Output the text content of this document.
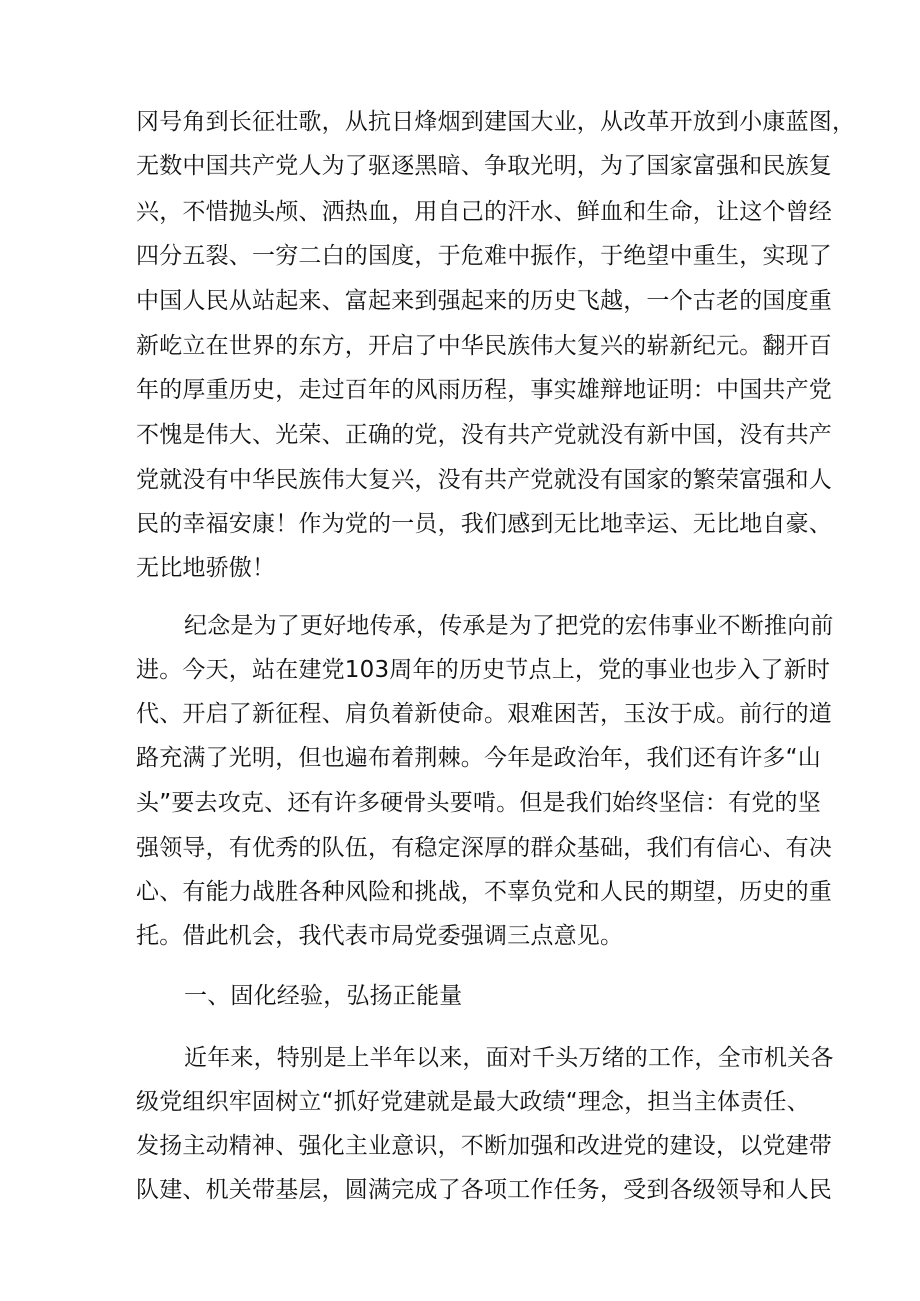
冈号角到长征壮歌，从抗日烽烟到建国大业，从改革开放到小康蓝图，
无数中国共产党人为了驱逐黑暗、争取光明，为了国家富强和民族复
兴，不惜抛头颅、洒热血，用自己的汗水、鲜血和生命，让这个曾经
四分五裂、一穷二白的国度，于危难中振作，于绝望中重生，实现了
中国人民从站起来、富起来到强起来的历史飞越，一个古老的国度重
新屹立在世界的东方，开启了中华民族伟大复兴的崭新纪元。翻开百
年的厚重历史，走过百年的风雨历程，事实雄辩地证明：中国共产党
不愧是伟大、光荣、正确的党，没有共产党就没有新中国，没有共产
党就没有中华民族伟大复兴，没有共产党就没有国家的繁荣富强和人
民的幸福安康！作为党的一员，我们感到无比地幸运、无比地自豪、
无比地骄傲！
纪念是为了更好地传承，传承是为了把党的宏伟事业不断推向前
进。今天，站在建党103周年的历史节点上，党的事业也步入了新时
代、开启了新征程、肩负着新使命。艰难困苦，玉汝于成。前行的道
路充满了光明，但也遍布着荆棘。今年是政治年，我们还有许多“山
头”要去攻克、还有许多硬骨头要啃。但是我们始终坚信：有党的坚
强领导，有优秀的队伍，有稳定深厚的群众基础，我们有信心、有决
心、有能力战胜各种风险和挑战，不辜负党和人民的期望，历史的重
托。借此机会，我代表市局党委强调三点意见。
一、固化经验，弘扬正能量
近年来，特别是上半年以来，面对千头万绪的工作，全市机关各
级党组织牢固树立“抓好党建就是最大政绩“理念，担当主体责任、
发扬主动精神、强化主业意识，不断加强和改进党的建设，以党建带
队建、机关带基层，圆满完成了各项工作任务，受到各级领导和人民
